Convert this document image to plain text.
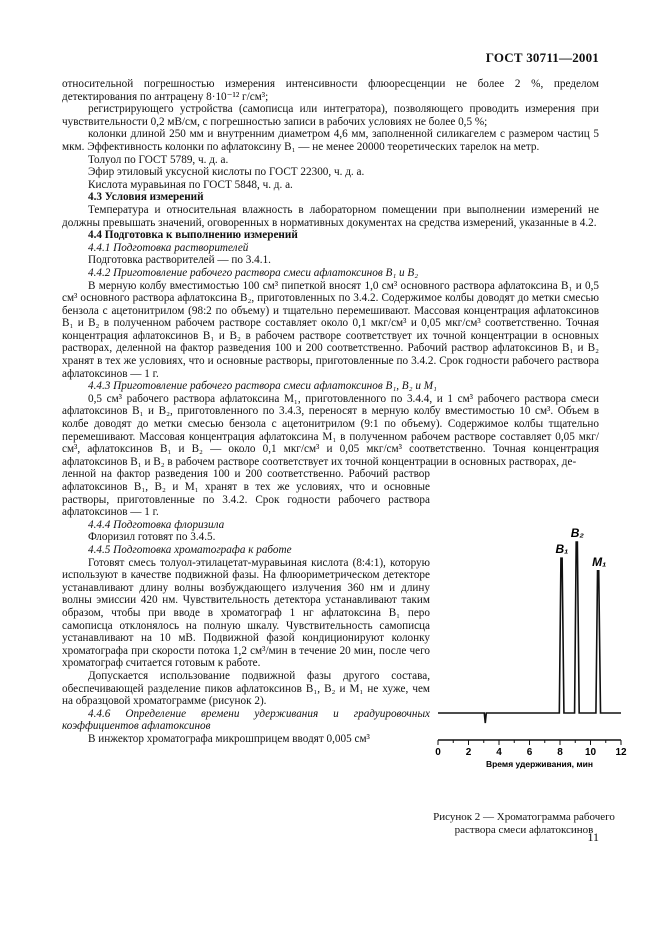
ГОСТ 30711—2001

относительной погрешностью измерения интенсивности флюоресценции не более 2 %, пределом детектирования по антрацену 8·10⁻¹² г/см³;

регистрирующего устройства (самописца или интегратора), позволяющего проводить измерения при чувствительности 0,2 мВ/см, с погрешностью записи в рабочих условиях не более 0,5 %;

колонки длиной 250 мм и внутренним диаметром 4,6 мм, заполненной силикагелем с размером частиц 5 мкм. Эффективность колонки по афлатоксину B₁ — не менее 20000 теоретических тарелок на метр.

Толуол по ГОСТ 5789, ч. д. а.

Эфир этиловый уксусной кислоты по ГОСТ 22300, ч. д. а.

Кислота муравьиная по ГОСТ 5848, ч. д. а.

4.3 Условия измерений

Температура и относительная влажность в лабораторном помещении при выполнении измерений не должны превышать значений, оговоренных в нормативных документах на средства измерений, указанные в 4.2.

4.4 Подготовка к выполнению измерений

4.4.1 Подготовка растворителей

Подготовка растворителей — по 3.4.1.

4.4.2 Приготовление рабочего раствора смеси афлатоксинов B₁ и B₂

В мерную колбу вместимостью 100 см³ пипеткой вносят 1,0 см³ основного раствора афлатоксина B₁ и 0,5 см³ основного раствора афлатоксина B₂, приготовленных по 3.4.2. Содержимое колбы доводят до метки смесью бензола с ацетонитрилом (98:2 по объему) и тщательно перемешивают. Массовая концентрация афлатоксинов B₁ и B₂ в полученном рабочем растворе составляет около 0,1 мкг/см³ и 0,05 мкг/см³ соответственно. Точная концентрация афлатоксинов B₁ и B₂ в рабочем растворе соответствует их точной концентрации в основных растворах, деленной на фактор разведения 100 и 200 соответственно. Рабочий раствор афлатоксинов B₁ и B₂ хранят в тех же условиях, что и основные растворы, приготовленные по 3.4.2. Срок годности рабочего раствора афлатоксинов — 1 г.

4.4.3 Приготовление рабочего раствора смеси афлатоксинов B₁, B₂ и M₁

0,5 см³ рабочего раствора афлатоксина M₁, приготовленного по 3.4.4, и 1 см³ рабочего раствора смеси афлатоксинов B₁ и B₂, приготовленного по 3.4.3, переносят в мерную колбу вместимостью 10 см³. Объем в колбе доводят до метки смесью бензола с ацетонитрилом (9:1 по объему). Содержимое колбы тщательно перемешивают. Массовая концентрация афлатоксина M₁ в полученном рабочем растворе составляет 0,05 мкг/см³, афлатоксинов B₁ и B₂ — около 0,1 мкг/см³ и 0,05 мкг/см³ соответственно. Точная концентрация афлатоксинов B₁ и B₂ в рабочем растворе соответствует их точной концентрации в основных растворах, де-

ленной на фактор разведения 100 и 200 соответственно. Рабочий раствор афлатоксинов B₁, B₂ и M₁ хранят в тех же условиях, что и основные растворы, приготовленные по 3.4.2. Срок годности рабочего раствора афлатоксинов — 1 г.

4.4.4 Подготовка флоризила

Флоризил готовят по 3.4.5.

4.4.5 Подготовка хроматографа к работе

Готовят смесь толуол-этилацетат-муравьиная кислота (8:4:1), которую используют в качестве подвижной фазы. На флюориметрическом детекторе устанавливают длину волны возбуждающего излучения 360 нм и длину волны эмиссии 420 нм. Чувствительность детектора устанавливают таким образом, чтобы при вводе в хроматограф 1 нг афлатоксина B₁ перо самописца отклонялось на полную шкалу. Чувствительность самописца устанавливают на 10 мВ. Подвижной фазой кондиционируют колонку хроматографа при скорости потока 1,2 см³/мин в течение 20 мин, после чего хроматограф считается готовым к работе.

Допускается использование подвижной фазы другого состава, обеспечивающей разделение пиков афлатоксинов B₁, B₂ и M₁ не хуже, чем на образцовой хроматограмме (рисунок 2).

4.4.6 Определение времени удерживания и градуировочных коэффициентов афлатоксинов

В инжектор хроматографа микрошприцем вводят 0,005 см³

B₁
B₂
M₁
0 2 4 6 8 10 12
Время удерживания, мин
Рисунок 2 — Хроматограмма рабочего раствора смеси афлатоксинов
11
